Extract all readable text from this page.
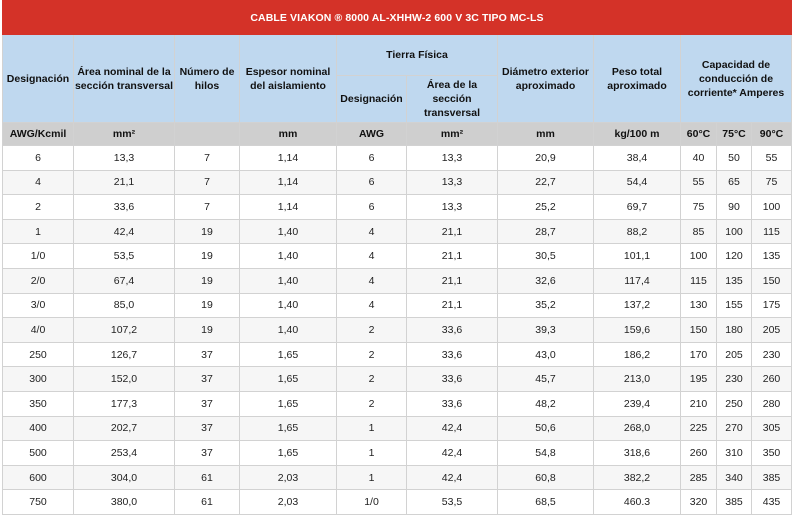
CABLE VIAKON ® 8000 AL-XHHW-2 600 V 3C TIPO MC-LS										
Designación	Área nominal de la sección transversal	Número de hilos	Espesor nominal del aislamiento	Tierra Física		Diámetro exterior aproximado	Peso total aproximado	Capacidad de conducción de corriente* Amperes		
				Designación	Área de la sección transversal					
AWG/Kcmil	mm²		mm	AWG	mm²	mm	kg/100 m	60°C	75°C	90°C
6	13,3	7	1,14	6	13,3	20,9	38,4	40	50	55
4	21,1	7	1,14	6	13,3	22,7	54,4	55	65	75
2	33,6	7	1,14	6	13,3	25,2	69,7	75	90	100
1	42,4	19	1,40	4	21,1	28,7	88,2	85	100	115
1/0	53,5	19	1,40	4	21,1	30,5	101,1	100	120	135
2/0	67,4	19	1,40	4	21,1	32,6	117,4	115	135	150
3/0	85,0	19	1,40	4	21,1	35,2	137,2	130	155	175
4/0	107,2	19	1,40	2	33,6	39,3	159,6	150	180	205
250	126,7	37	1,65	2	33,6	43,0	186,2	170	205	230
300	152,0	37	1,65	2	33,6	45,7	213,0	195	230	260
350	177,3	37	1,65	2	33,6	48,2	239,4	210	250	280
400	202,7	37	1,65	1	42,4	50,6	268,0	225	270	305
500	253,4	37	1,65	1	42,4	54,8	318,6	260	310	350
600	304,0	61	2,03	1	42,4	60,8	382,2	285	340	385
750	380,0	61	2,03	1/0	53,5	68,5	460.3	320	385	435
